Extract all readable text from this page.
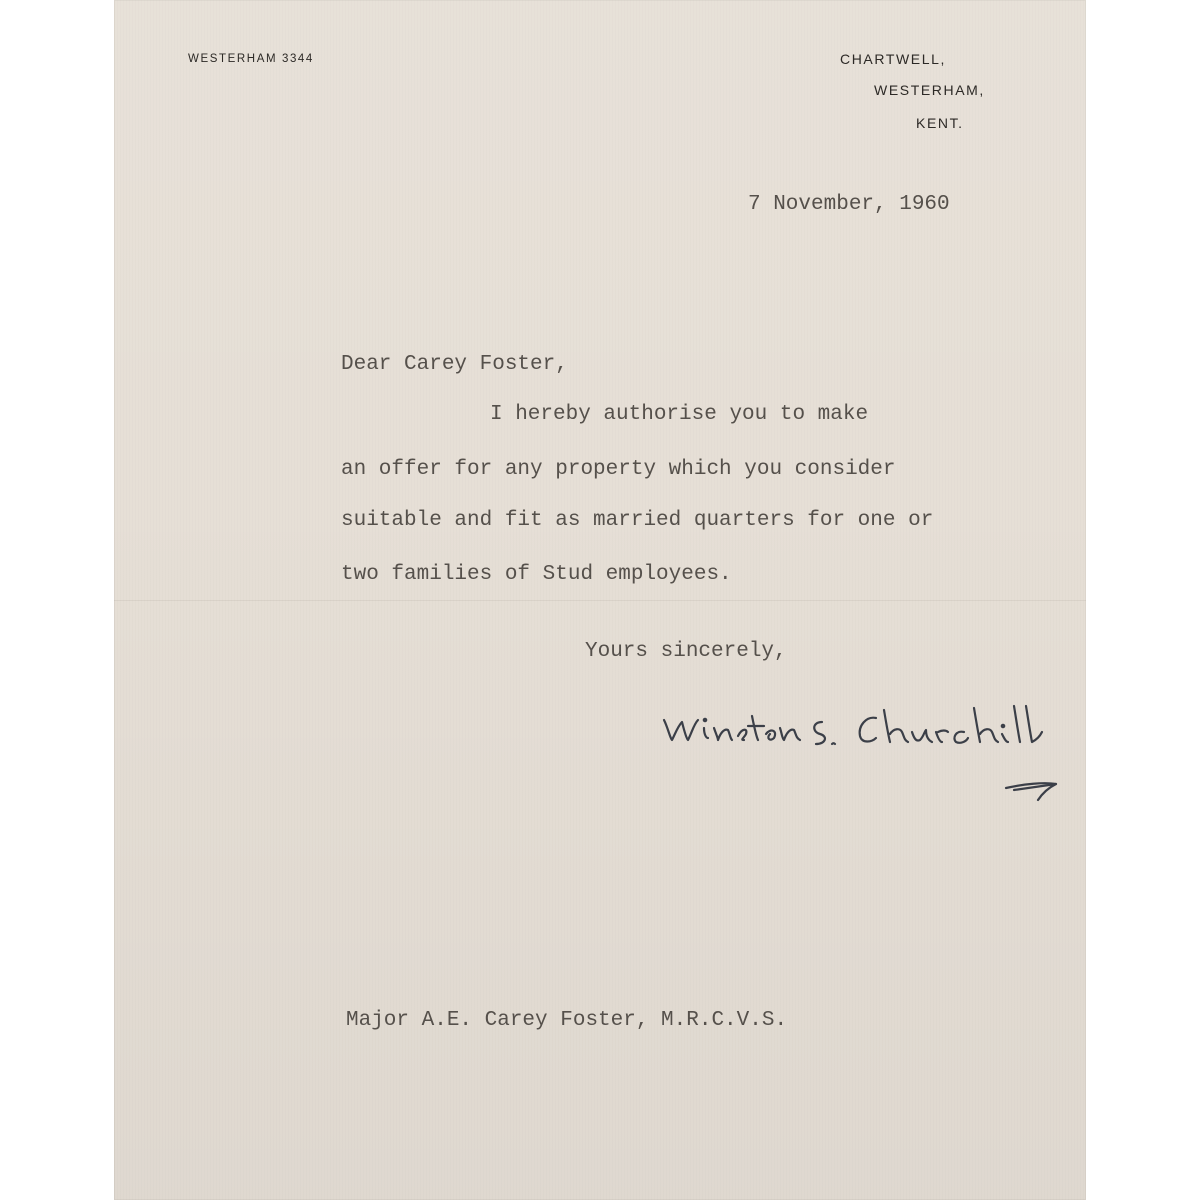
WESTERHAM 3344	CHARTWELL,
WESTERHAM,
KENT.
7 November, 1960
Dear Carey Foster,
I hereby authorise you to make
an offer for any property which you consider
suitable and fit as married quarters for one or
two families of Stud employees.
Yours sincerely,
Major A.E. Carey Foster, M.R.C.V.S.
